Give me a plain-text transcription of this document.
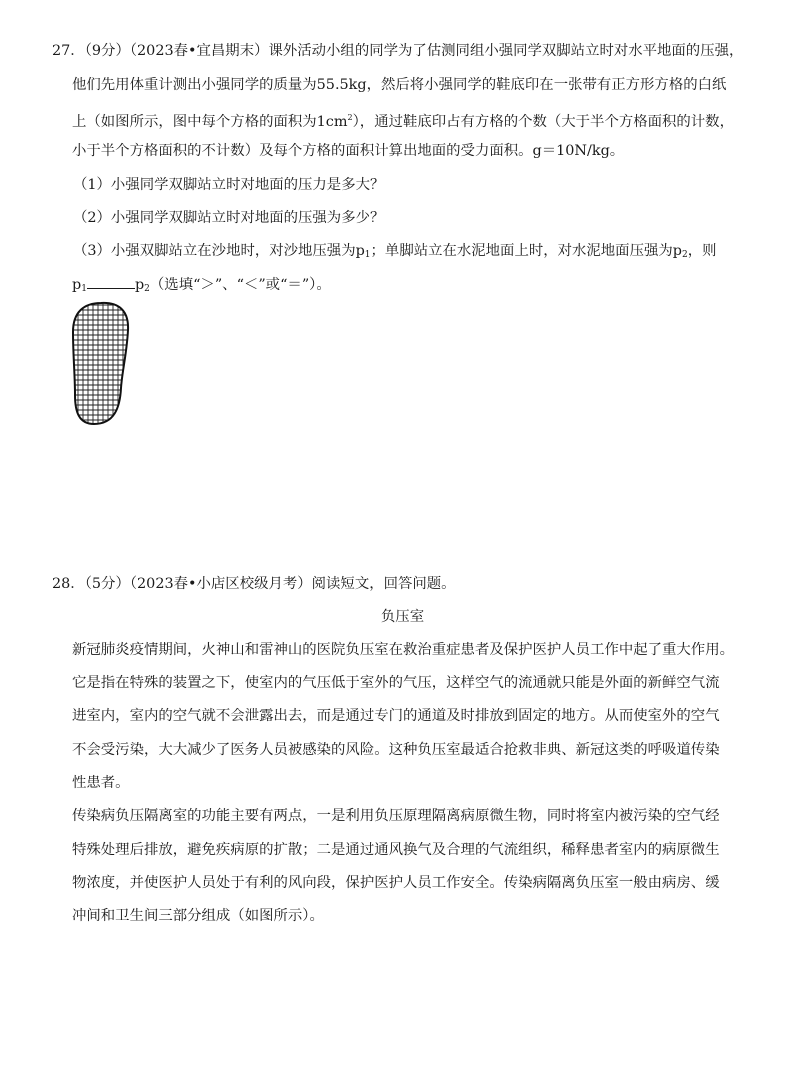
27．（9分）（2023春•宜昌期末）课外活动小组的同学为了估测同组小强同学双脚站立时对水平地面的压强，
他们先用体重计测出小强同学的质量为55.5kg，然后将小强同学的鞋底印在一张带有正方形方格的白纸
上（如图所示，图中每个方格的面积为$1cm^2$），通过鞋底印占有方格的个数（大于半个方格面积的计数，
小于半个方格面积的不计数）及每个方格的面积计算出地面的受力面积。g＝10N/kg。
（1）小强同学双脚站立时对地面的压力是多大？
（2）小强同学双脚站立时对地面的压强为多少？
（3）小强双脚站立在沙地时，对沙地压强为$p_1$；单脚站立在水泥地面上时，对水泥地面压强为$p_2$，则
$p_1$	$p_2$（选填“＞”、“＜”或“＝”）。
28．（5分）（2023春•小店区校级月考）阅读短文，回答问题。
负压室
新冠肺炎疫情期间，火神山和雷神山的医院负压室在救治重症患者及保护医护人员工作中起了重大作用。
它是指在特殊的装置之下，使室内的气压低于室外的气压，这样空气的流通就只能是外面的新鲜空气流
进室内，室内的空气就不会泄露出去，而是通过专门的通道及时排放到固定的地方。从而使室外的空气
不会受污染，大大减少了医务人员被感染的风险。这种负压室最适合抢救非典、新冠这类的呼吸道传染
性患者。
传染病负压隔离室的功能主要有两点，一是利用负压原理隔离病原微生物，同时将室内被污染的空气经
特殊处理后排放，避免疾病原的扩散；二是通过通风换气及合理的气流组织，稀释患者室内的病原微生
物浓度，并使医护人员处于有利的风向段，保护医护人员工作安全。传染病隔离负压室一般由病房、缓
冲间和卫生间三部分组成（如图所示）。
